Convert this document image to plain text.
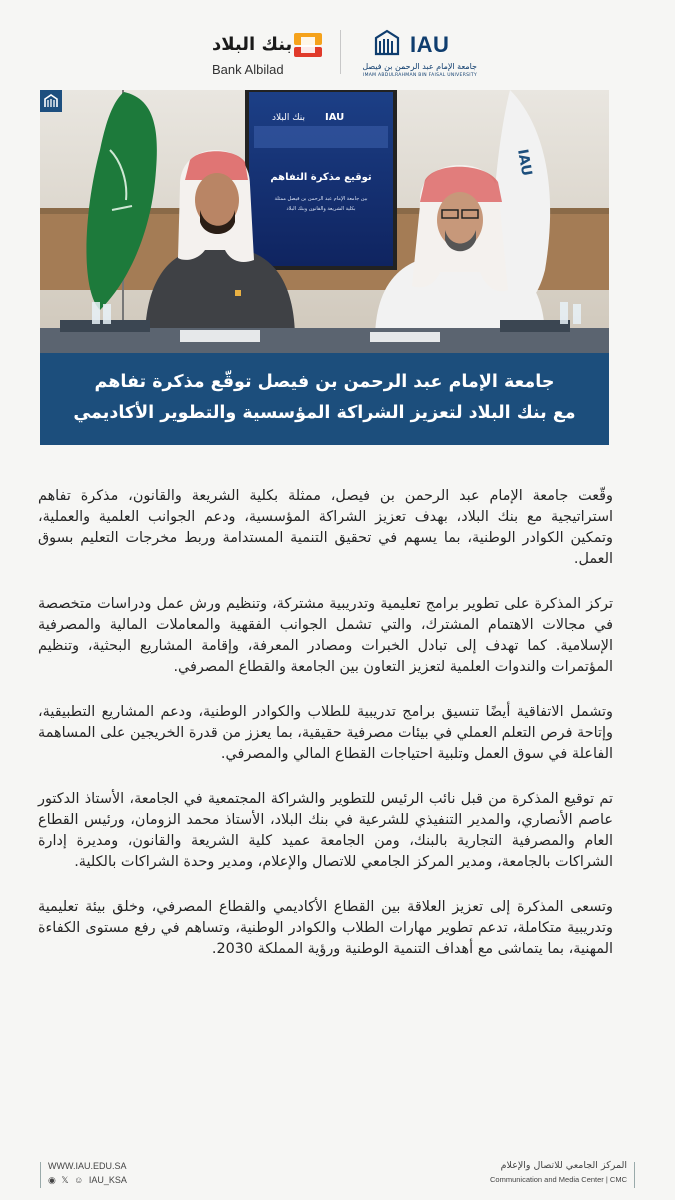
بنك البلاد
Bank Albilad
IAU
جامعة الإمام عبد الرحمن بن فيصل
IMAM ABDULRAHMAN BIN FAISAL UNIVERSITY
IAU
بنك البلاد IAU
توقيع مذكرة التفاهم
بين جامعة الإمام عبد الرحمن بن فيصل ممثلة
بكلية الشريعة والقانون وبنك البلاد
جامعة الإمام عبد الرحمن بن فيصل توقّع مذكرة تفاهم
مع بنك البلاد لتعزيز الشراكة المؤسسية والتطوير الأكاديمي

وقّعت جامعة الإمام عبد الرحمن بن فيصل، ممثلة بكلية الشريعة والقانون، مذكرة تفاهم استراتيجية مع بنك البلاد، بهدف تعزيز الشراكة المؤسسية، ودعم الجوانب العلمية والعملية، وتمكين الكوادر الوطنية، بما يسهم في تحقيق التنمية المستدامة وربط مخرجات التعليم بسوق العمل.

تركز المذكرة على تطوير برامج تعليمية وتدريبية مشتركة، وتنظيم ورش عمل ودراسات متخصصة في مجالات الاهتمام المشترك، والتي تشمل الجوانب الفقهية والمعاملات المالية والمصرفية الإسلامية. كما تهدف إلى تبادل الخبرات ومصادر المعرفة، وإقامة المشاريع البحثية، وتنظيم المؤتمرات والندوات العلمية لتعزيز التعاون بين الجامعة والقطاع المصرفي.

وتشمل الاتفاقية أيضًا تنسيق برامج تدريبية للطلاب والكوادر الوطنية، ودعم المشاريع التطبيقية، وإتاحة فرص التعلم العملي في بيئات مصرفية حقيقية، بما يعزز من قدرة الخريجين على المساهمة الفاعلة في سوق العمل وتلبية احتياجات القطاع المالي والمصرفي.

تم توقيع المذكرة من قبل نائب الرئيس للتطوير والشراكة المجتمعية في الجامعة، الأستاذ الدكتور عاصم الأنصاري، والمدير التنفيذي للشرعية في بنك البلاد، الأستاذ محمد الزومان، ورئيس القطاع العام والمصرفية التجارية بالبنك، ومن الجامعة عميد كلية الشريعة والقانون، ومديرة إدارة الشراكات بالجامعة، ومدير المركز الجامعي للاتصال والإعلام، ومدير وحدة الشراكات بالكلية.

وتسعى المذكرة إلى تعزيز العلاقة بين القطاع الأكاديمي والقطاع المصرفي، وخلق بيئة تعليمية وتدريبية متكاملة، تدعم تطوير مهارات الطلاب والكوادر الوطنية، وتساهم في رفع مستوى الكفاءة المهنية، بما يتماشى مع أهداف التنمية الوطنية ورؤية المملكة 2030.

WWW.IAU.EDU.SA
◉ 𝕏 ☺ IAU_KSA
المركز الجامعي للاتصال والإعلام
Communication and Media Center | CMC
